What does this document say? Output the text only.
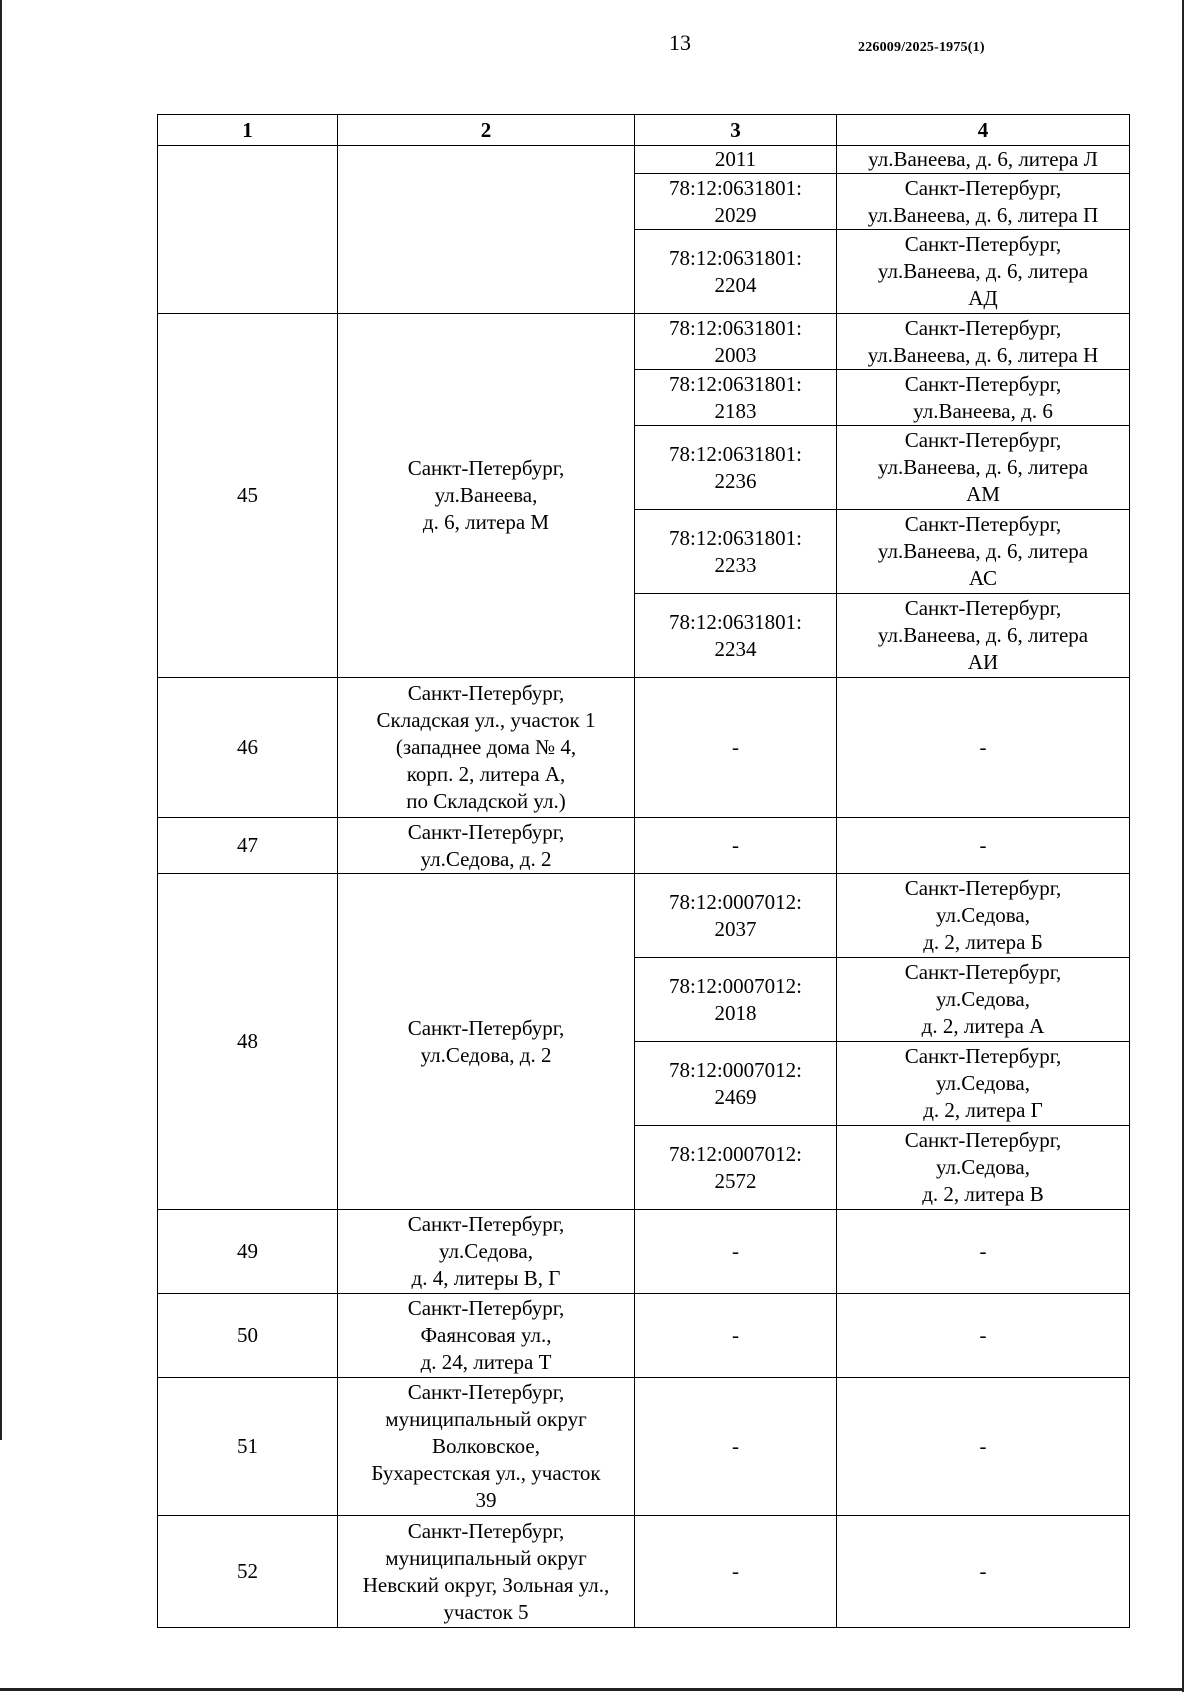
13	226009/2025-1975(1)
1	2	3	4

		2011	ул.Ванеева, д. 6, литера Л

		78:12:0631801:
2029	Санкт-Петербург,
ул.Ванеева, д. 6, литера П

		78:12:0631801:
2204	Санкт-Петербург,
ул.Ванеева, д. 6, литера
АД

45	Санкт-Петербург,
ул.Ванеева,
д. 6, литера М	78:12:0631801:
2003	Санкт-Петербург,
ул.Ванеева, д. 6, литера Н

		78:12:0631801:
2183	Санкт-Петербург,
ул.Ванеева, д. 6

		78:12:0631801:
2236	Санкт-Петербург,
ул.Ванеева, д. 6, литера
АМ

		78:12:0631801:
2233	Санкт-Петербург,
ул.Ванеева, д. 6, литера
АС

		78:12:0631801:
2234	Санкт-Петербург,
ул.Ванеева, д. 6, литера
АИ

46	Санкт-Петербург,
Складская ул., участок 1
(западнее дома № 4,
корп. 2, литера А,
по Складской ул.)	-	-
47	Санкт-Петербург,
ул.Седова, д. 2	-	-
48	Санкт-Петербург,
ул.Седова, д. 2	78:12:0007012:
2037	Санкт-Петербург,
ул.Седова,
д. 2, литера Б

		78:12:0007012:
2018	Санкт-Петербург,
ул.Седова,
д. 2, литера А

		78:12:0007012:
2469	Санкт-Петербург,
ул.Седова,
д. 2, литера Г

		78:12:0007012:
2572	Санкт-Петербург,
ул.Седова,
д. 2, литера В

49	Санкт-Петербург,
ул.Седова,
д. 4, литеры В, Г	-	-
50	Санкт-Петербург,
Фаянсовая ул.,
д. 24, литера Т	-	-
51	Санкт-Петербург,
муниципальный округ
Волковское,
Бухарестская ул., участок
39	-	-
52	Санкт-Петербург,
муниципальный округ
Невский округ, Зольная ул.,
участок 5	-	-
